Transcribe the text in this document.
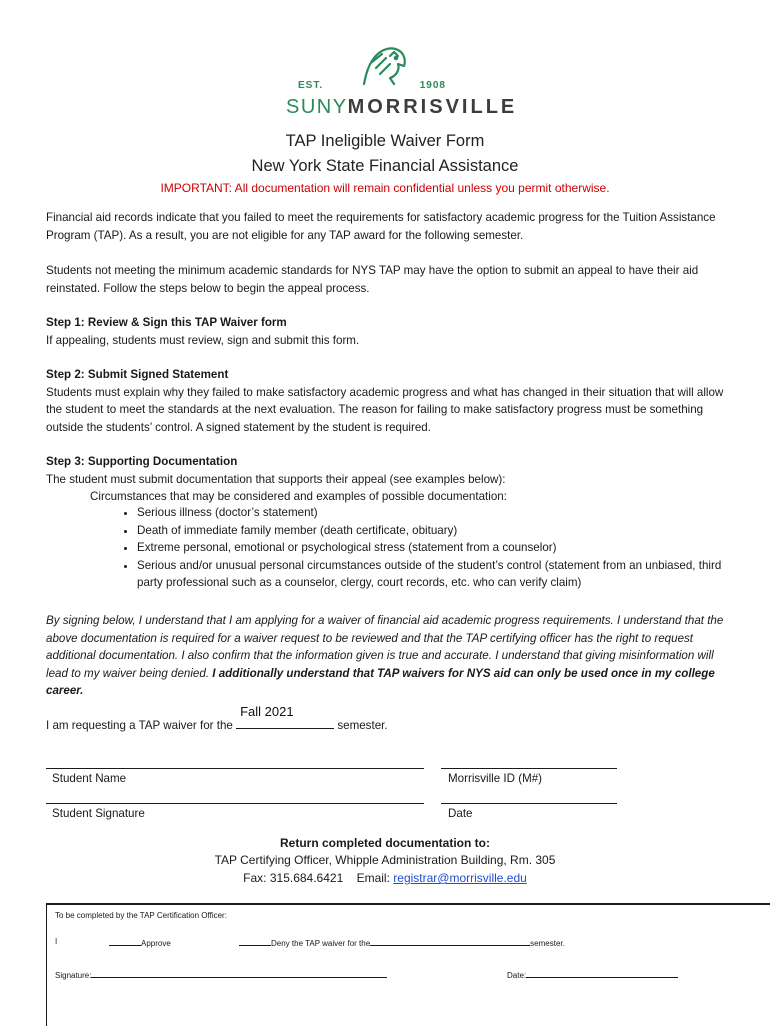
EST.	1908
SUNYMORRISVILLE
TAP Ineligible Waiver Form
New York State Financial Assistance
IMPORTANT: All documentation will remain confidential unless you permit otherwise.
Financial aid records indicate that you failed to meet the requirements for satisfactory academic progress for the Tuition Assistance Program (TAP). As a result, you are not eligible for any TAP award for the following semester.
Students not meeting the minimum academic standards for NYS TAP may have the option to submit an appeal to have their aid reinstated. Follow the steps below to begin the appeal process.
Step 1: Review & Sign this TAP Waiver form
If appealing, students must review, sign and submit this form.
Step 2: Submit Signed Statement
Students must explain why they failed to make satisfactory academic progress and what has changed in their situation that will allow the student to meet the standards at the next evaluation. The reason for failing to make satisfactory progress must be something outside the students’ control. A signed statement by the student is required.
Step 3: Supporting Documentation
The student must submit documentation that supports their appeal (see examples below):
Circumstances that may be considered and examples of possible documentation:
• Serious illness (doctor’s statement)
• Death of immediate family member (death certificate, obituary)
• Extreme personal, emotional or psychological stress (statement from a counselor)
• Serious and/or unusual personal circumstances outside of the student’s control (statement from an unbiased, third party professional such as a counselor, clergy, court records, etc. who can verify claim)
By signing below, I understand that I am applying for a waiver of financial aid academic progress requirements. I understand that the above documentation is required for a waiver request to be reviewed and that the TAP certifying officer has the right to request additional documentation. I also confirm that the information given is true and accurate. I understand that giving misinformation will lead to my waiver being denied. I additionally understand that TAP waivers for NYS aid can only be used once in my college career.
I am requesting a TAP waiver for the
Fall 2021
semester.
Student Name	Morrisville ID (M#)
Student Signature	Date
Return completed documentation to:
TAP Certifying Officer, Whipple Administration Building, Rm. 305
Fax: 315.684.6421 Email: registrar@morrisville.edu
To be completed by the TAP Certification Officer:
I	Approve	Deny the TAP waiver for the	semester.
Signature:	Date:
